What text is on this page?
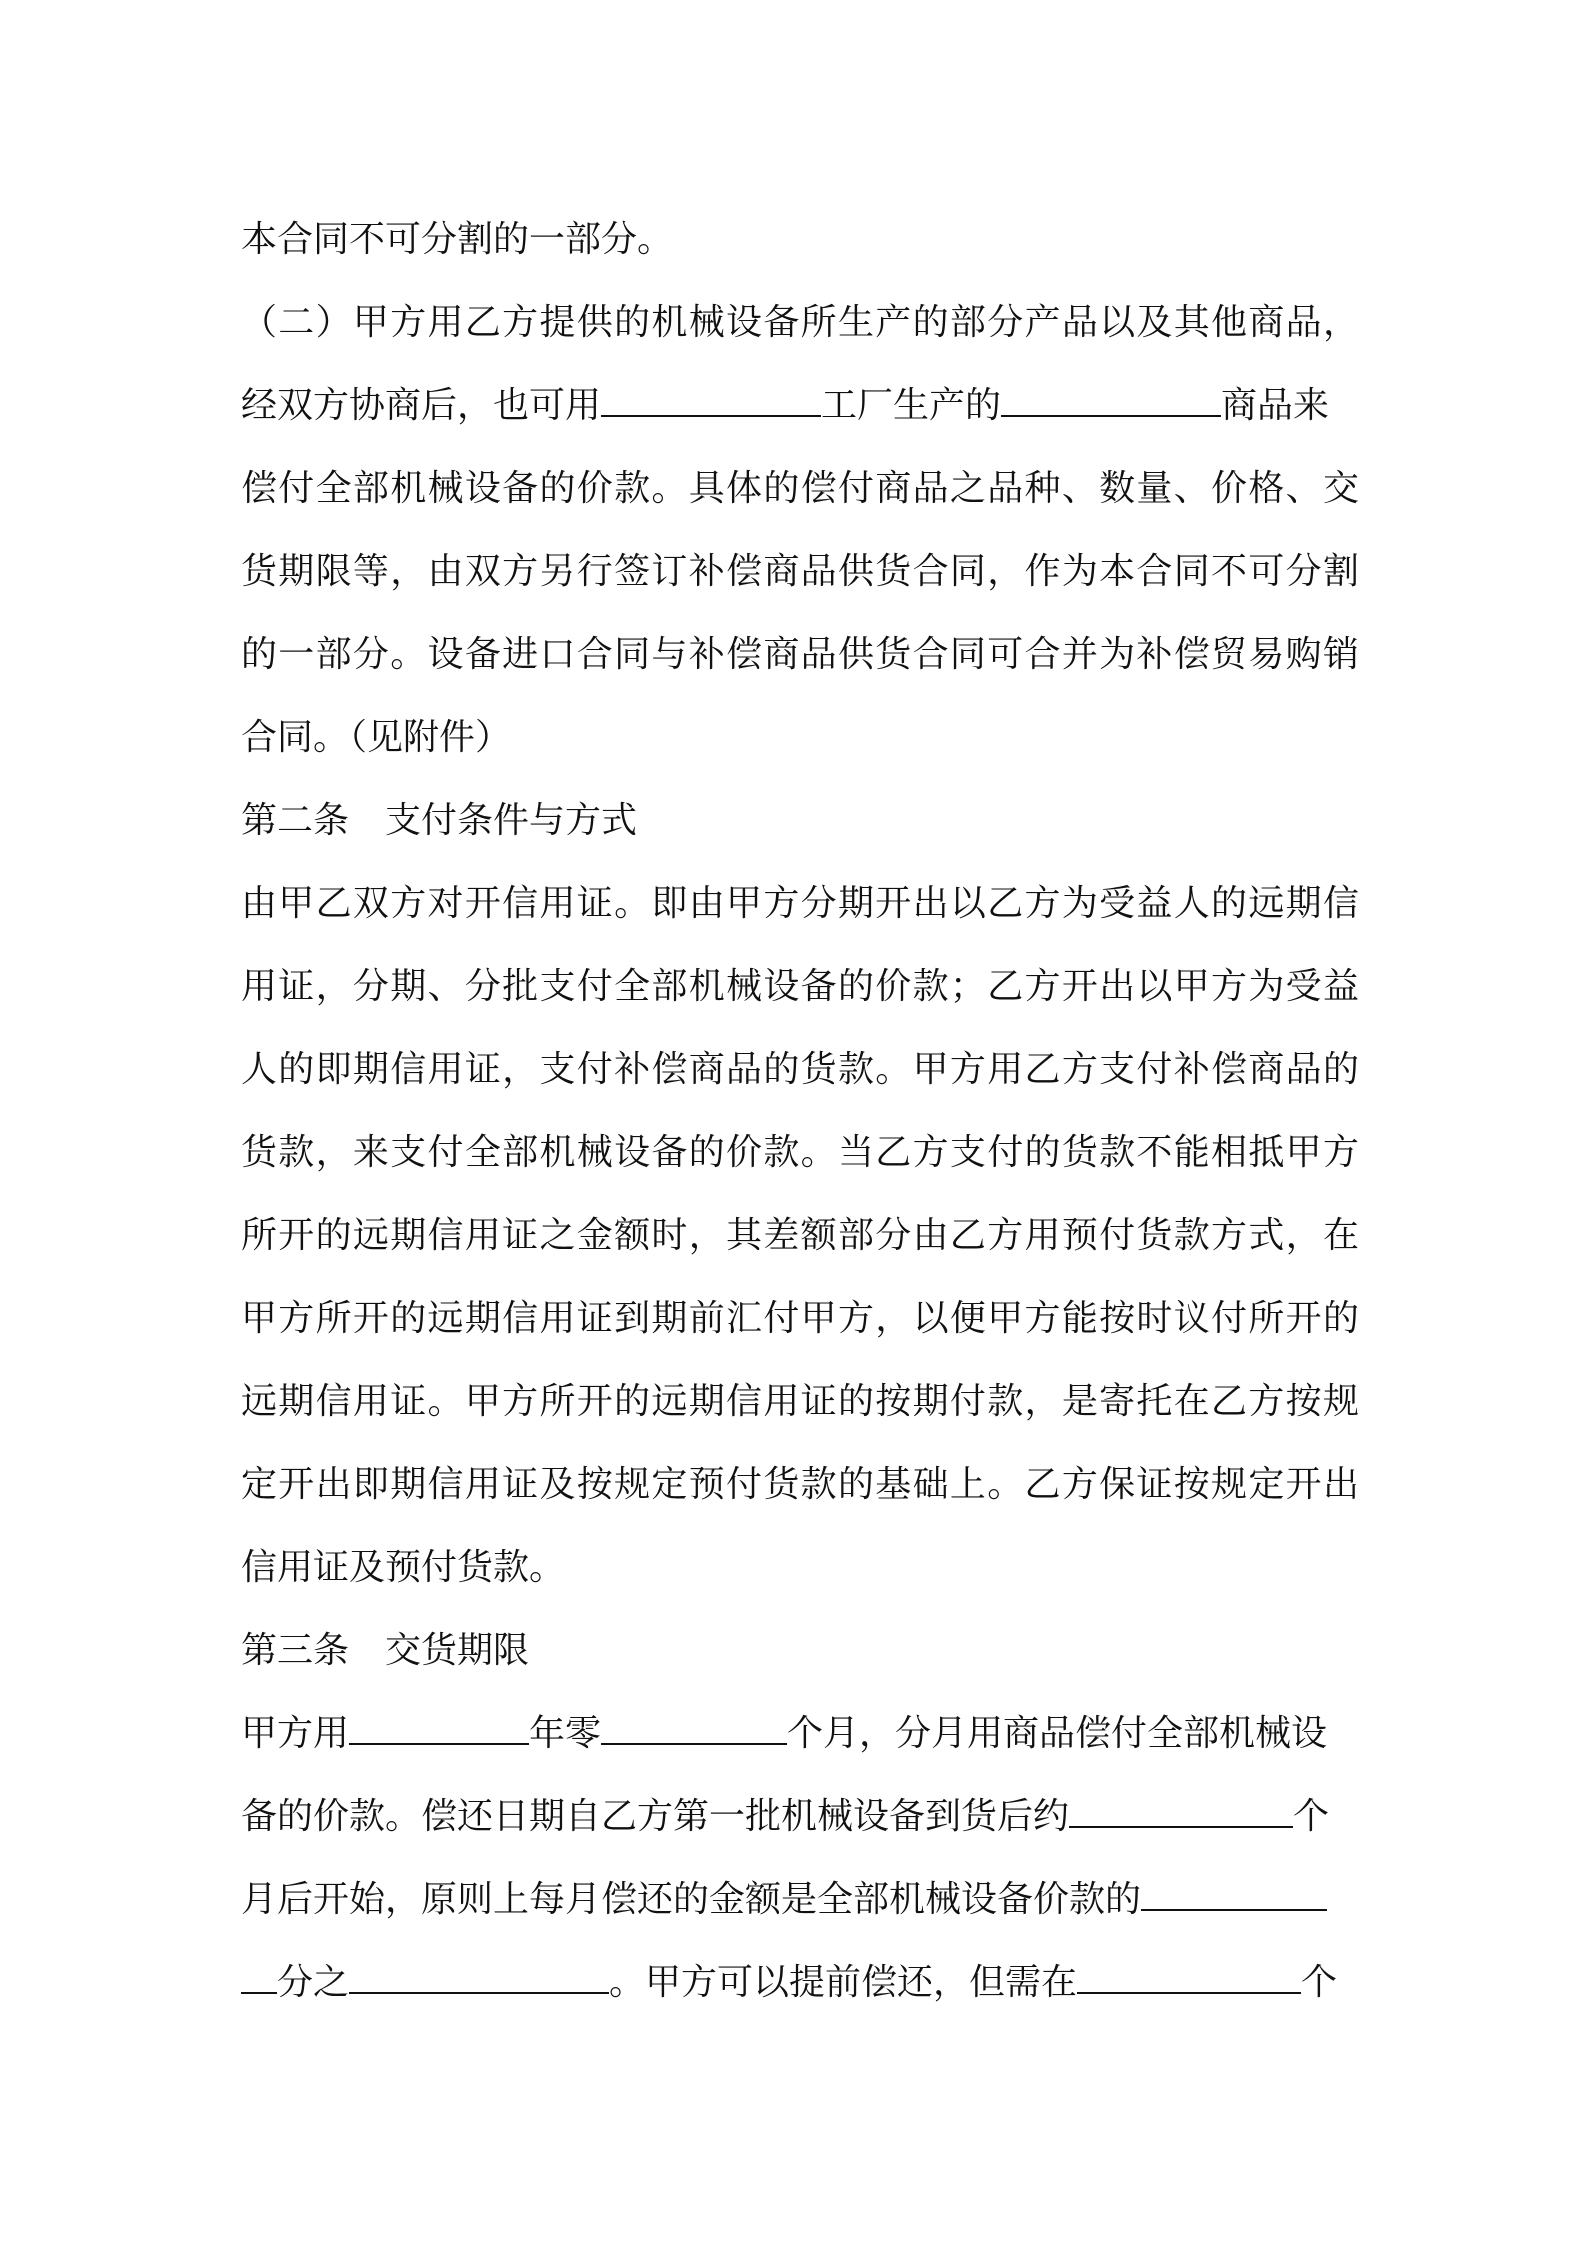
本合同不可分割的一部分。
（二）甲方用乙方提供的机械设备所生产的部分产品以及其他商品，
经双方协商后，也可用	工厂生产的	商品来
偿付全部机械设备的价款。具体的偿付商品之品种、数量、价格、交
货期限等，由双方另行签订补偿商品供货合同，作为本合同不可分割
的一部分。设备进口合同与补偿商品供货合同可合并为补偿贸易购销
合同。（见附件）
第二条　支付条件与方式
由甲乙双方对开信用证。即由甲方分期开出以乙方为受益人的远期信
用证，分期、分批支付全部机械设备的价款；乙方开出以甲方为受益
人的即期信用证，支付补偿商品的货款。甲方用乙方支付补偿商品的
货款，来支付全部机械设备的价款。当乙方支付的货款不能相抵甲方
所开的远期信用证之金额时，其差额部分由乙方用预付货款方式，在
甲方所开的远期信用证到期前汇付甲方，以便甲方能按时议付所开的
远期信用证。甲方所开的远期信用证的按期付款，是寄托在乙方按规
定开出即期信用证及按规定预付货款的基础上。乙方保证按规定开出
信用证及预付货款。
第三条　交货期限
甲方用	年零	个月，分月用商品偿付全部机械设
备的价款。偿还日期自乙方第一批机械设备到货后约	个
月后开始，原则上每月偿还的金额是全部机械设备价款的
分之	。甲方可以提前偿还，但需在	个
